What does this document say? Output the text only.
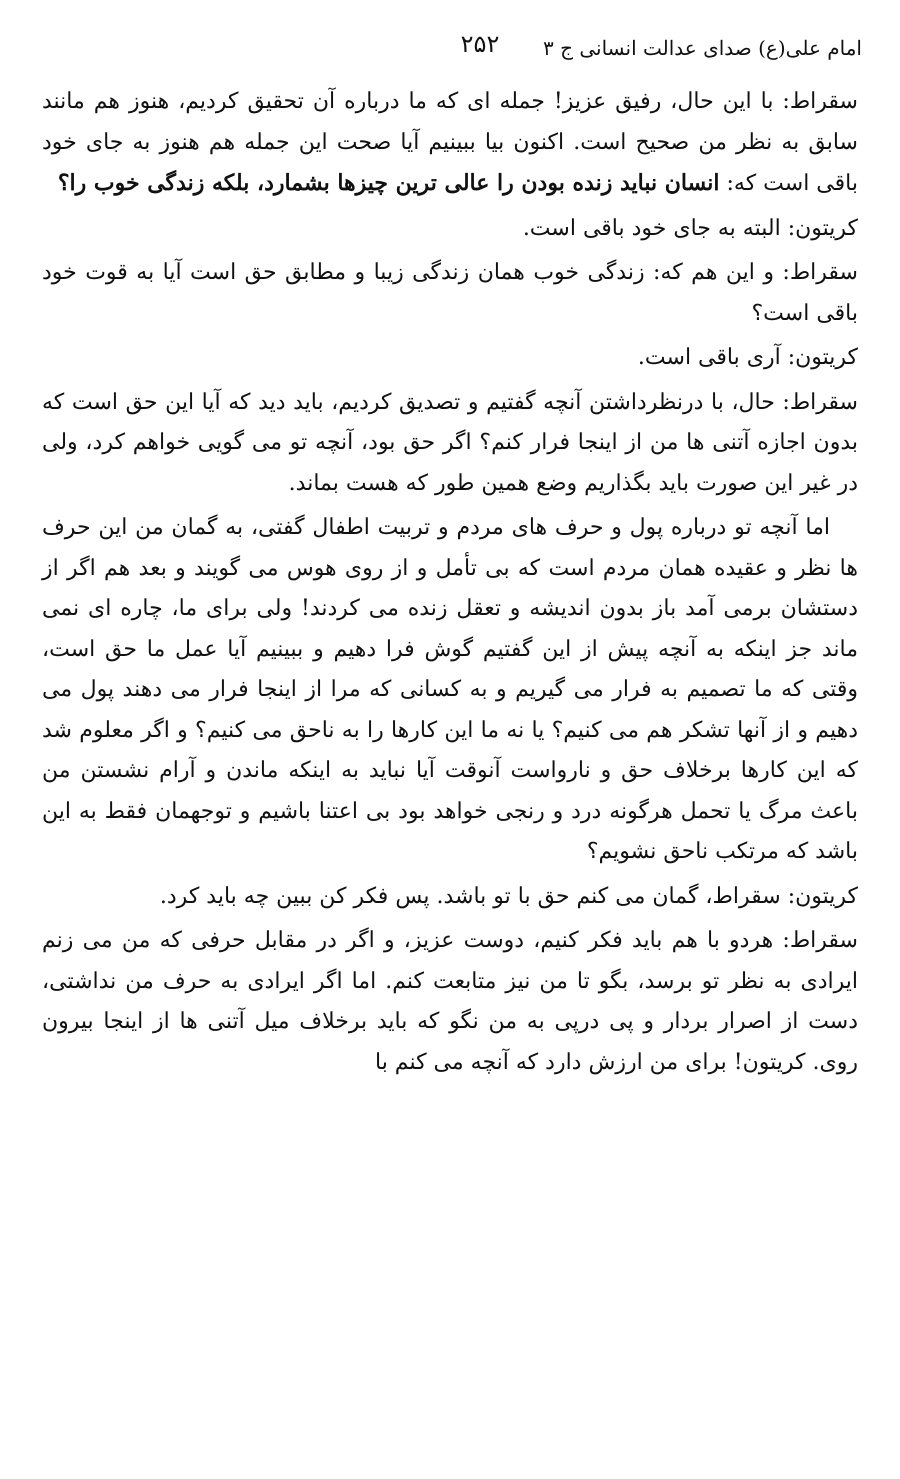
امام علی(ع) صدای عدالت انسانی ج ۳
۲۵۲

سقراط: با این حال، رفیق عزیز! جمله ای که ما درباره آن تحقیق کردیم، هنوز هم مانند سابق به نظر من صحیح است. اکنون بیا ببینیم آیا صحت این جمله هم هنوز به جای خود باقی است که: انسان نباید زنده بودن را عالی ترین چیزها بشمارد، بلکه زندگی خوب را؟

کریتون: البته به جای خود باقی است.

سقراط: و این هم که: زندگی خوب همان زندگی زیبا و مطابق حق است آیا به قوت خود باقی است؟

کریتون: آری باقی است.

سقراط: حال، با درنظرداشتن آنچه گفتیم و تصدیق کردیم، باید دید که آیا این حق است که بدون اجازه آتنی ها من از اینجا فرار کنم؟ اگر حق بود، آنچه تو می گویی خواهم کرد، ولی در غیر این صورت باید بگذاریم وضع همین طور که هست بماند.

اما آنچه تو درباره پول و حرف های مردم و تربیت اطفال گفتی، به گمان من این حرف ها نظر و عقیده همان مردم است که بی تأمل و از روی هوس می گویند و بعد هم اگر از دستشان برمی آمد باز بدون اندیشه و تعقل زنده می کردند! ولی برای ما، چاره ای نمی ماند جز اینکه به آنچه پیش از این گفتیم گوش فرا دهیم و ببینیم آیا عمل ما حق است، وقتی که ما تصمیم به فرار می گیریم و به کسانی که مرا از اینجا فرار می دهند پول می دهیم و از آنها تشکر هم می کنیم؟ یا نه ما این کارها را به ناحق می کنیم؟ و اگر معلوم شد که این کارها برخلاف حق و نارواست آنوقت آیا نباید به اینکه ماندن و آرام نشستن من باعث مرگ یا تحمل هرگونه درد و رنجی خواهد بود بی اعتنا باشیم و توجهمان فقط به این باشد که مرتکب ناحق نشویم؟

کریتون: سقراط، گمان می کنم حق با تو باشد. پس فکر کن ببین چه باید کرد.

سقراط: هردو با هم باید فکر کنیم، دوست عزیز، و اگر در مقابل حرفی که من می زنم ایرادی به نظر تو برسد، بگو تا من نیز متابعت کنم. اما اگر ایرادی به حرف من نداشتی، دست از اصرار بردار و پی درپی به من نگو که باید برخلاف میل آتنی ها از اینجا بیرون روی. کریتون! برای من ارزش دارد که آنچه می کنم با
